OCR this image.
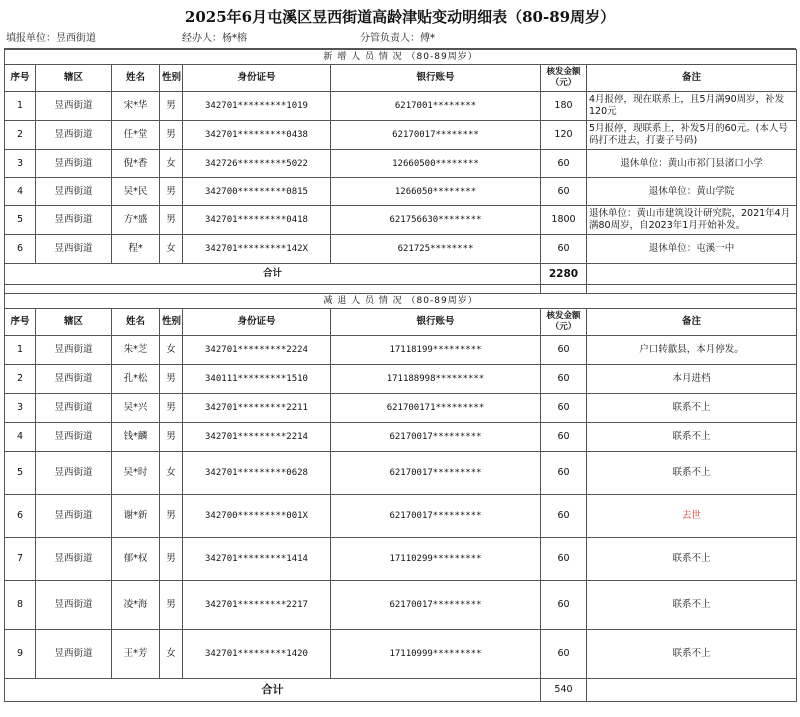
2025年6月屯溪区昱西街道高龄津贴变动明细表（80-89周岁）
填报单位：昱西街道	经办人：杨*榕	分管负责人：傅*
新 增 人 员 情 况 （80-89周岁）							
序号	辖区	姓名	性别	身份证号	银行账号	核发金额（元）	备注
1	昱西街道	宋*华	男	342701*********1019	6217001********	180	4月报停，现在联系上，且5月满90周岁，补发120元
2	昱西街道	任*堂	男	342701*********0438	62170017********	120	5月报停，现联系上，补发5月的60元。(本人号码打不进去，打妻子号码)
3	昱西街道	倪*香	女	342726*********5022	12660500********	60	退休单位：黄山市祁门县渚口小学
4	昱西街道	吴*民	男	342700*********0815	1266050********	60	退休单位：黄山学院
5	昱西街道	方*盛	男	342701*********0418	621756630********	1800	退休单位：黄山市建筑设计研究院，2021年4月满80周岁，自2023年1月开始补发。
6	昱西街道	程*	女	342701*********142X	621725********	60	退休单位：屯溪一中
合计						2280	

减 退 人 员 情 况 （80-89周岁）							
序号	辖区	姓名	性别	身份证号	银行账号	核发金额（元）	备注
1	昱西街道	朱*芝	女	342701*********2224	17118199*********	60	户口转歙县，本月停发。
2	昱西街道	孔*松	男	340111*********1510	171188998*********	60	本月进档
3	昱西街道	吴*兴	男	342701*********2211	621700171*********	60	联系不上
4	昱西街道	钱*麟	男	342701*********2214	62170017*********	60	联系不上
5	昱西街道	吴*时	女	342701*********0628	62170017*********	60	联系不上
6	昱西街道	谢*新	男	342700*********001X	62170017*********	60	去世
7	昱西街道	郁*权	男	342701*********1414	17110299*********	60	联系不上
8	昱西街道	凌*海	男	342701*********2217	62170017*********	60	联系不上
9	昱西街道	王*芳	女	342701*********1420	17110999*********	60	联系不上
合计						540	
